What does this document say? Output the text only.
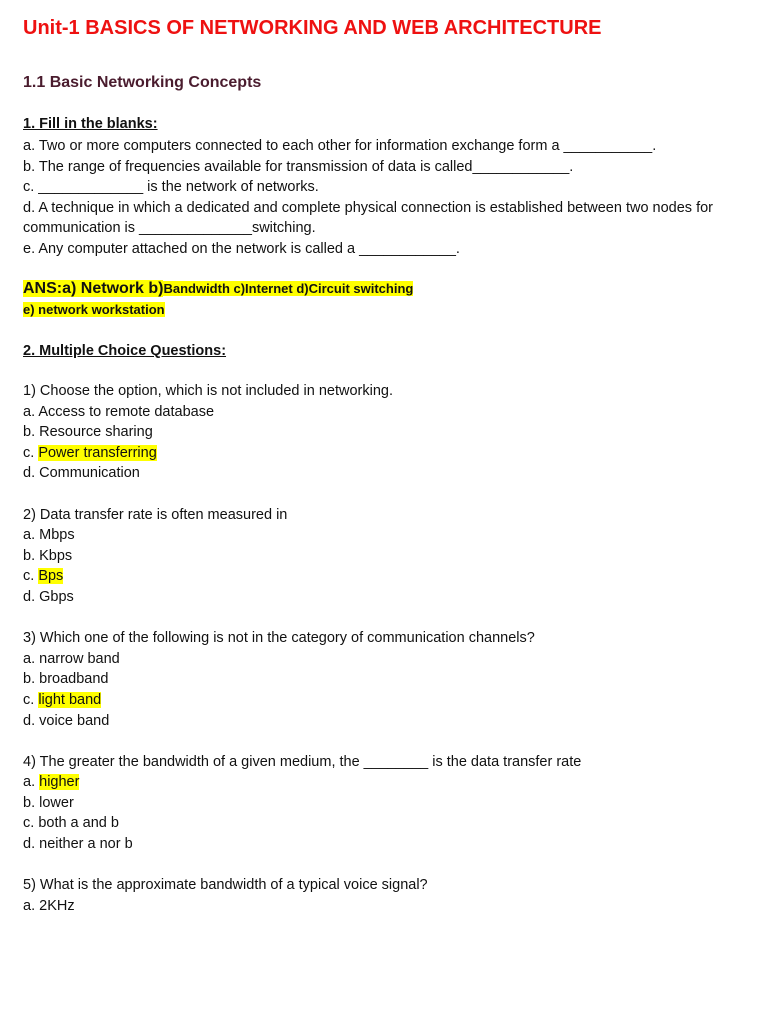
Unit-1 BASICS OF NETWORKING AND WEB ARCHITECTURE
1.1 Basic Networking Concepts
1. Fill in the blanks:
a. Two or more computers connected to each other for information exchange form a ___________.
b. The range of frequencies available for transmission of data is called____________.
c. _____________ is the network of networks.
d. A technique in which a dedicated and complete physical connection is established between two nodes for
communication is ______________switching.
e. Any computer attached on the network is called a ____________.
ANS:a) Network b)Bandwidth c)Internet d)Circuit switching
e) network workstation
2. Multiple Choice Questions:
1) Choose the option, which is not included in networking.
a. Access to remote database
b. Resource sharing
c. Power transferring
d. Communication
2) Data transfer rate is often measured in
a. Mbps
b. Kbps
c. Bps
d. Gbps
3) Which one of the following is not in the category of communication channels?
a. narrow band
b. broadband
c. light band
d. voice band
4) The greater the bandwidth of a given medium, the ________ is the data transfer rate
a. higher
b. lower
c. both a and b
d. neither a nor b
5) What is the approximate bandwidth of a typical voice signal?
a. 2KHz
